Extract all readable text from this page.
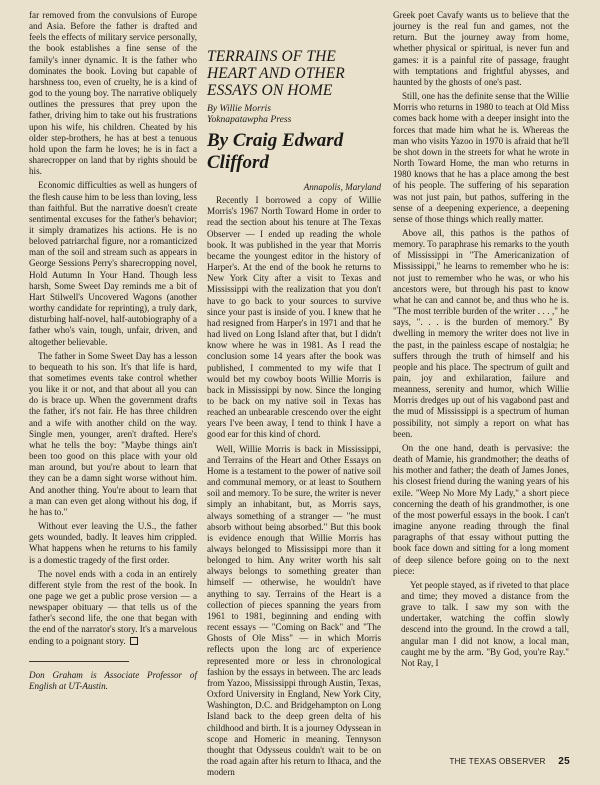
far removed from the convulsions of Europe and Asia. Before the father is drafted and feels the effects of military service personally, the book establishes a fine sense of the family's inner dynamic. It is the father who dominates the book. Loving but capable of harshness too, even of cruelty, he is a kind of god to the young boy. The narrative obliquely outlines the pressures that prey upon the father, driving him to take out his frustrations upon his wife, his children. Cheated by his older step-brothers, he has at best a tenuous hold upon the farm he loves; he is in fact a sharecropper on land that by rights should be his.

Economic difficulties as well as hungers of the flesh cause him to be less than loving, less than faithful. But the narrative doesn't create sentimental excuses for the father's behavior; it simply dramatizes his actions. He is no beloved patriarchal figure, nor a romanticized man of the soil and stream such as appears in George Sessions Perry's sharecropping novel, Hold Autumn In Your Hand. Though less harsh, Some Sweet Day reminds me a bit of Hart Stilwell's Uncovered Wagons (another worthy candidate for reprinting), a truly dark, disturbing half-novel, half-autobiography of a father who's vain, tough, unfair, driven, and altogether believable.

The father in Some Sweet Day has a lesson to bequeath to his son. It's that life is hard, that sometimes events take control whether you like it or not, and that about all you can do is brace up. When the government drafts the father, it's not fair. He has three children and a wife with another child on the way. Single men, younger, aren't drafted. Here's what he tells the boy: "Maybe things ain't been too good on this place with your old man around, but you're about to learn that they can be a damn sight worse without him. And another thing. You're about to learn that a man can even get along without his dog, if he has to."

Without ever leaving the U.S., the father gets wounded, badly. It leaves him crippled. What happens when he returns to his family is a domestic tragedy of the first order.

The novel ends with a coda in an entirely different style from the rest of the book. In one page we get a public prose version — a newspaper obituary — that tells us of the father's second life, the one that began with the end of the narrator's story. It's a marvelous ending to a poignant story.

Don Graham is Associate Professor of English at UT-Austin.

TERRAINS OF THE HEART AND OTHER ESSAYS ON HOME
By Willie Morris
Yoknapatawpha Press
By Craig Edward Clifford
Annapolis, Maryland

Recently I borrowed a copy of Willie Morris's 1967 North Toward Home in order to read the section about his tenure at The Texas Observer — I ended up reading the whole book. It was published in the year that Morris became the youngest editor in the history of Harper's. At the end of the book he returns to New York City after a visit to Texas and Mississippi with the realization that you don't have to go back to your sources to survive since your past is inside of you. I knew that he had resigned from Harper's in 1971 and that he had lived on Long Island after that, but I didn't know where he was in 1981. As I read the conclusion some 14 years after the book was published, I commented to my wife that I would bet my cowboy boots Willie Morris is back in Mississippi by now. Since the longing to be back on my native soil in Texas has reached an unbearable crescendo over the eight years I've been away, I tend to think I have a good ear for this kind of chord.

Well, Willie Morris is back in Mississippi, and Terrains of the Heart and Other Essays on Home is a testament to the power of native soil and communal memory, or at least to Southern soil and memory. To be sure, the writer is never simply an inhabitant, but, as Morris says, always something of a stranger — "he must absorb without being absorbed." But this book is evidence enough that Willie Morris has always belonged to Mississippi more than it belonged to him. Any writer worth his salt always belongs to something greater than himself — otherwise, he wouldn't have anything to say. Terrains of the Heart is a collection of pieces spanning the years from 1961 to 1981, beginning and ending with recent essays — "Coming on Back" and "The Ghosts of Ole Miss" — in which Morris reflects upon the long arc of experience represented more or less in chronological fashion by the essays in between. The arc leads from Yazoo, Mississippi through Austin, Texas, Oxford University in England, New York City, Washington, D.C. and Bridgehampton on Long Island back to the deep green delta of his childhood and birth. It is a journey Odyssean in scope and Homeric in meaning. Tennyson thought that Odysseus couldn't wait to be on the road again after his return to Ithaca, and the modern

Greek poet Cavafy wants us to believe that the journey is the real fun and games, not the return. But the journey away from home, whether physical or spiritual, is never fun and games: it is a painful rite of passage, fraught with temptations and frightful abysses, and haunted by the ghosts of one's past.

Still, one has the definite sense that the Willie Morris who returns in 1980 to teach at Old Miss comes back home with a deeper insight into the forces that made him what he is. Whereas the man who visits Yazoo in 1970 is afraid that he'll be shot down in the streets for what he wrote in North Toward Home, the man who returns in 1980 knows that he has a place among the best of his people. The suffering of his separation was not just pain, but pathos, suffering in the sense of a deepening experience, a deepening sense of those things which really matter.

Above all, this pathos is the pathos of memory. To paraphrase his remarks to the youth of Mississippi in "The Americanization of Mississippi," he learns to remember who he is: not just to remember who he was, or who his ancestors were, but through his past to know what he can and cannot be, and thus who he is. "The most terrible burden of the writer . . . ," he says, ". . . is the burden of memory." By dwelling in memory the writer does not live in the past, in the painless escape of nostalgia; he suffers through the truth of himself and his people and his place. The spectrum of guilt and pain, joy and exhilaration, failure and meanness, serenity and humor, which Willie Morris dredges up out of his vagabond past and the mud of Mississippi is a spectrum of human possibility, not simply a report on what has been.

On the one hand, death is pervasive: the death of Mamie, his grandmother; the deaths of his mother and father; the death of James Jones, his closest friend during the waning years of his exile. "Weep No More My Lady," a short piece concerning the death of his grandmother, is one of the most powerful essays in the book. I can't imagine anyone reading through the final paragraphs of that essay without putting the book face down and sitting for a long moment of deep silence before going on to the next piece:

Yet people stayed, as if riveted to that place and time; they moved a distance from the grave to talk. I saw my son with the undertaker, watching the coffin slowly descend into the ground. In the crowd a tall, angular man I did not know, a local man, caught me by the arm. "By God, you're Ray." Not Ray, I

THE TEXAS OBSERVER 25
